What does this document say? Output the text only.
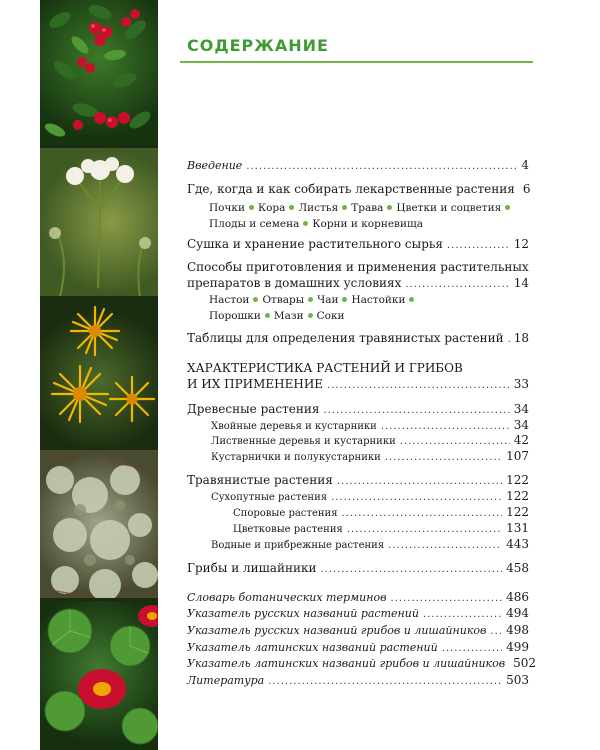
СОДЕРЖАНИЕ
Введение .....	4
Где, когда и как собирать лекарственные растения 6
Почки Кора Листья Трава Цветки и соцветия
Плоды и семена Корни и корневища
Сушка и хранение растительного сырья .....	12
Способы приготовления и применения растительных
препаратов в домашних условиях .....	14
Настои Отвары Чаи Настойки
Порошки Мази Соки
Таблицы для определения травянистых растений ..... 18
ХАРАКТЕРИСТИКА РАСТЕНИЙ И ГРИБОВ
И ИХ ПРИМЕНЕНИЕ .....	33
Древесные растения .....	34
Хвойные деревья и кустарники .....	34
Лиственные деревья и кустарники .....	42
Кустарнички и полукустарники .....	107
Травянистые растения .....	122
Сухопутные растения .....	122
Споровые растения .....	122
Цветковые растения .....	131
Водные и прибрежные растения .....	443
Грибы и лишайники .....	458
Словарь ботанических терминов .....	486
Указатель русских названий растений .....	494
Указатель русских названий грибов и лишайников ..... 498
Указатель латинских названий растений .....	499
Указатель латинских названий грибов и лишайников 502
Литература .....	503
